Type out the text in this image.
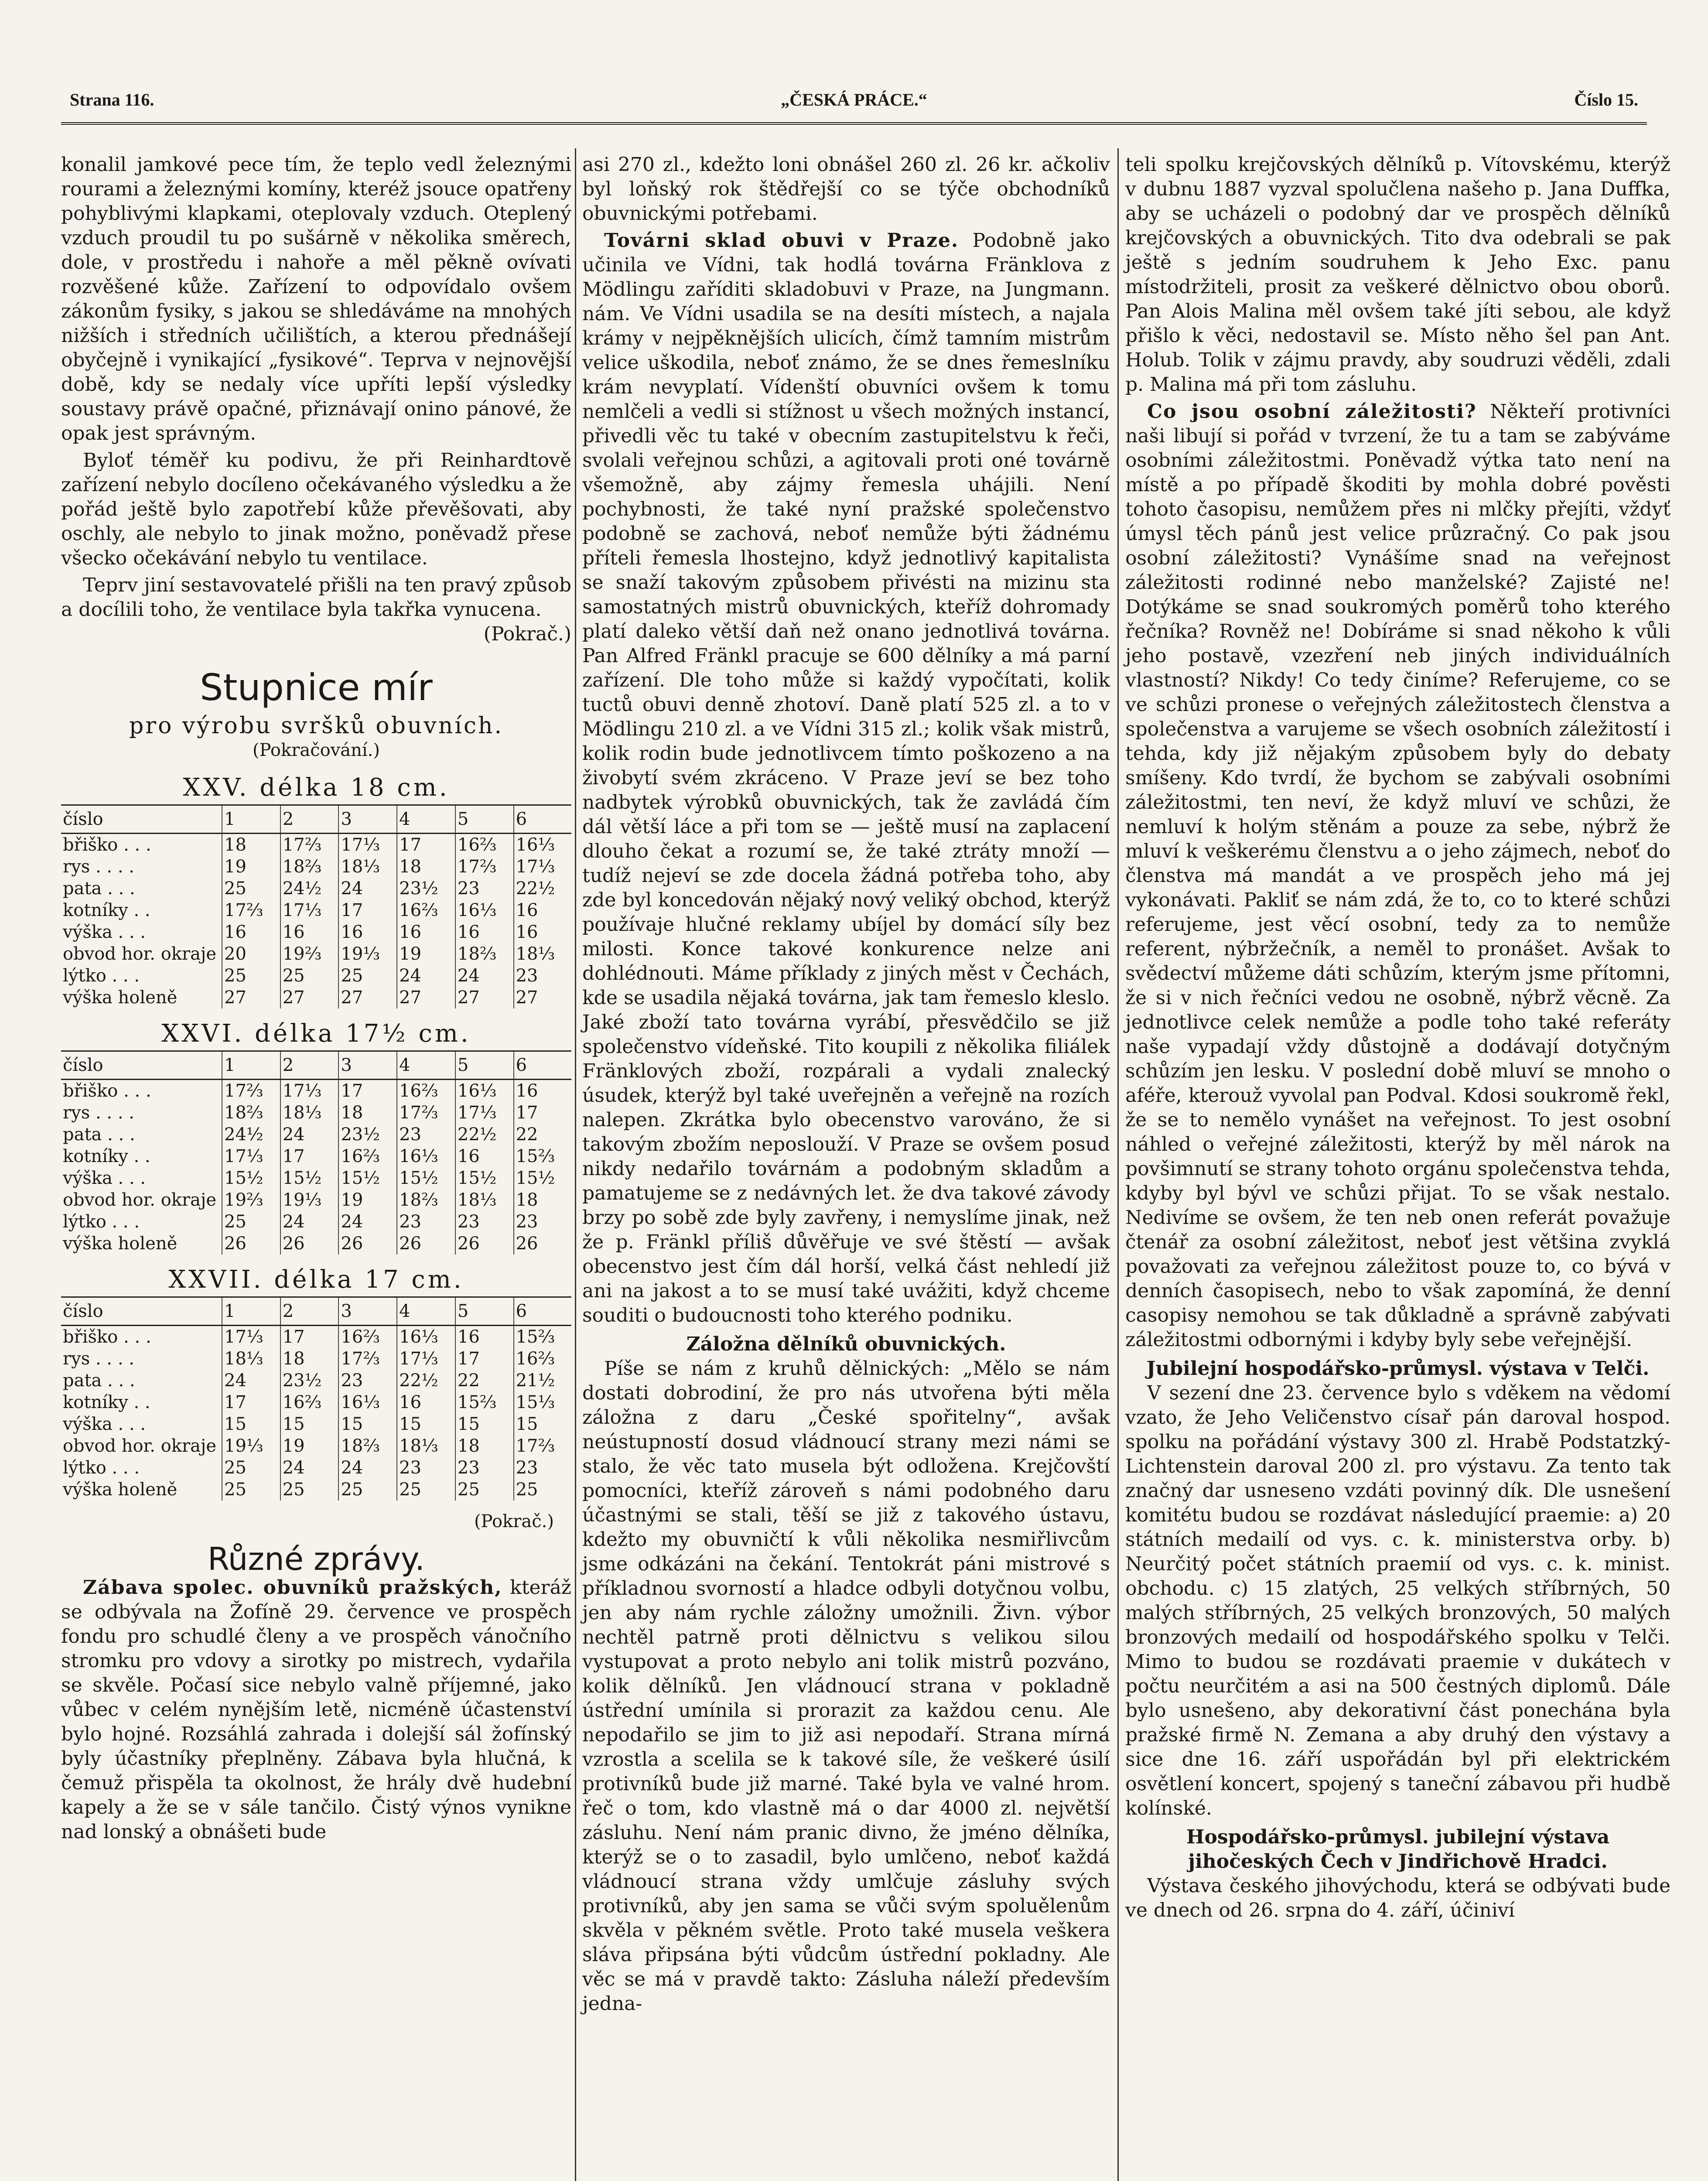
Strana 116.	„ČESKÁ PRÁCE.“	Číslo 15.

konalil jamkové pece tím, že teplo vedl železnými rourami a železnými komíny, kteréž jsouce opatřeny pohyblivými klapkami, oteplovaly vzduch. Oteplený vzduch proudil tu po sušárně v několika směrech, dole, v prostředu i nahoře a měl pěkně ovívati rozvěšené kůže. Zařízení to odpovídalo ovšem zákonům fysiky, s jakou se shledáváme na mnohých nižších i středních učilištích, a kterou přednášejí obyčejně i vynikající „fysikové“. Teprva v nejnovější době, kdy se nedaly více upříti lepší výsledky soustavy právě opačné, přiznávají onino pánové, že opak jest správným.

Byloť téměř ku podivu, že při Reinhardtově zařízení nebylo docíleno očekávaného výsledku a že pořád ještě bylo zapotřebí kůže převěšovati, aby oschly, ale nebylo to jinak možno, poněvadž přese všecko očekávání nebylo tu ventilace.

Teprv jiní sestavovatelé přišli na ten pravý způsob a docílili toho, že ventilace byla takřka vynucena.
(Pokrač.)

Stupnice mír
pro výrobu svršků obuvních.
(Pokračování.)
XXV. délka 18 cm.
číslo	1	2	3	4	5	6
břiško . . .	18	17⅔	17⅓	17	16⅔	16⅓
rys . . . .	19	18⅔	18⅓	18	17⅔	17⅓
pata . . .	25	24½	24	23½	23	22½
kotníky . .	17⅔	17⅓	17	16⅔	16⅓	16
výška . . .	16	16	16	16	16	16
obvod hor. okraje	20	19⅔	19⅓	19	18⅔	18⅓
lýtko . . .	25	25	25	24	24	23
výška holeně	27	27	27	27	27	27
XXVI. délka 17½ cm.
číslo	1	2	3	4	5	6
břiško . . .	17⅔	17⅓	17	16⅔	16⅓	16
rys . . . .	18⅔	18⅓	18	17⅔	17⅓	17
pata . . .	24½	24	23½	23	22½	22
kotníky . .	17⅓	17	16⅔	16⅓	16	15⅔
výška . . .	15½	15½	15½	15½	15½	15½
obvod hor. okraje	19⅔	19⅓	19	18⅔	18⅓	18
lýtko . . .	25	24	24	23	23	23
výška holeně	26	26	26	26	26	26
XXVII. délka 17 cm.
číslo	1	2	3	4	5	6
břiško . . .	17⅓	17	16⅔	16⅓	16	15⅔
rys . . . .	18⅓	18	17⅔	17⅓	17	16⅔
pata . . .	24	23½	23	22½	22	21½
kotníky . .	17	16⅔	16⅓	16	15⅔	15⅓
výška . . .	15	15	15	15	15	15
obvod hor. okraje	19⅓	19	18⅔	18⅓	18	17⅔
lýtko . . .	25	24	24	23	23	23
výška holeně	25	25	25	25	25	25
(Pokrač.)
Různé zprávy.

Zábava spolec. obuvníků pražských, kteráž se odbývala na Žofíně 29. července ve prospěch fondu pro schudlé členy a ve prospěch vánočního stromku pro vdovy a sirotky po mistrech, vydařila se skvěle. Počasí sice nebylo valně příjemné, jako vůbec v celém nynějším letě, nicméně účastenství bylo hojné. Rozsáhlá zahrada i dolejší sál žofínský byly účastníky přeplněny. Zábava byla hlučná, k čemuž přispěla ta okolnost, že hrály dvě hudební kapely a že se v sále tančilo. Čistý výnos vynikne nad lonský a obnášeti bude

asi 270 zl., kdežto loni obnášel 260 zl. 26 kr. ačkoliv byl loňský rok štědřejší co se týče obchodníků obuvnickými potřebami.

Továrni sklad obuvi v Praze. Podobně jako učinila ve Vídni, tak hodlá továrna Fränklova z Mödlingu zaříditi skladobuvi v Praze, na Jungmann. nám. Ve Vídni usadila se na desíti místech, a najala krámy v nejpěknějších ulicích, čímž tamním mistrům velice uškodila, neboť známo, že se dnes řemeslníku krám nevyplatí. Vídenští obuvníci ovšem k tomu nemlčeli a vedli si stížnost u všech možných instancí, přivedli věc tu také v obecním zastupitelstvu k řeči, svolali veřejnou schůzi, a agitovali proti oné továrně všemožně, aby zájmy řemesla uhájili. Není pochybnosti, že také nyní pražské společenstvo podobně se zachová, neboť nemůže býti žádnému příteli řemesla lhostejno, když jednotlivý kapitalista se snaží takovým způsobem přivésti na mizinu sta samostatných mistrů obuvnických, kteříž dohromady platí daleko větší daň než onano jednotlivá továrna. Pan Alfred Fränkl pracuje se 600 dělníky a má parní zařízení. Dle toho může si každý vypočítati, kolik tuctů obuvi denně zhotoví. Daně platí 525 zl. a to v Mödlingu 210 zl. a ve Vídni 315 zl.; kolik však mistrů, kolik rodin bude jednotlivcem tímto poškozeno a na živobytí svém zkráceno. V Praze jeví se bez toho nadbytek výrobků obuvnických, tak že zavládá čím dál větší láce a při tom se — ještě musí na zaplacení dlouho čekat a rozumí se, že také ztráty množí — tudíž nejeví se zde docela žádná potřeba toho, aby zde byl koncedován nějaký nový veliký obchod, kterýž používaje hlučné reklamy ubíjel by domácí síly bez milosti. Konce takové konkurence nelze ani dohlédnouti. Máme příklady z jiných měst v Čechách, kde se usadila nějaká továrna, jak tam řemeslo kleslo. Jaké zboží tato továrna vyrábí, přesvědčilo se již společenstvo vídeňské. Tito koupili z několika filiálek Fränklových zboží, rozpárali a vydali znalecký úsudek, kterýž byl také uveřejněn a veřejně na rozích nalepen. Zkrátka bylo obecenstvo varováno, že si takovým zbožím neposlouží. V Praze se ovšem posud nikdy nedařilo továrnám a podobným skladům a pamatujeme se z nedávných let. že dva takové závody brzy po sobě zde byly zavřeny, i nemyslíme jinak, než že p. Fränkl příliš důvěřuje ve své štěstí — avšak obecenstvo jest čím dál horší, velká část nehledí již ani na jakost a to se musí také uvážiti, když chceme souditi o budoucnosti toho kterého podniku.

Záložna dělníků obuvnických.

Píše se nám z kruhů dělnických: „Mělo se nám dostati dobrodiní, že pro nás utvořena býti měla záložna z daru „České spořitelny“, avšak neústupností dosud vládnoucí strany mezi námi se stalo, že věc tato musela být odložena. Krejčovští pomocníci, kteříž zároveň s námi podobného daru účastnými se stali, těší se již z takového ústavu, kdežto my obuvničtí k vůli několika nesmiřlivcům jsme odkázáni na čekání. Tentokrát páni mistrové s příkladnou svorností a hladce odbyli dotyčnou volbu, jen aby nám rychle záložny umožnili. Živn. výbor nechtěl patrně proti dělnictvu s velikou silou vystupovat a proto nebylo ani tolik mistrů pozváno, kolik dělníků. Jen vládnoucí strana v pokladně ústřední umínila si prorazit za každou cenu. Ale nepodařilo se jim to již asi nepodaří. Strana mírná vzrostla a scelila se k takové síle, že veškeré úsilí protivníků bude již marné. Také byla ve valné hrom. řeč o tom, kdo vlastně má o dar 4000 zl. největší zásluhu. Není nám pranic divno, že jméno dělníka, kterýž se o to zasadil, bylo umlčeno, neboť každá vládnoucí strana vždy umlčuje zásluhy svých protivníků, aby jen sama se vůči svým spoluělenům skvěla v pěkném světle. Proto také musela veškera sláva připsána býti vůdcům ústřední pokladny. Ale věc se má v pravdě takto: Zásluha náleží především jedna-

teli spolku krejčovských dělníků p. Vítovskému, kterýž v dubnu 1887 vyzval spolučlena našeho p. Jana Duffka, aby se ucházeli o podobný dar ve prospěch dělníků krejčovských a obuvnických. Tito dva odebrali se pak ještě s jedním soudruhem k Jeho Exc. panu místodržiteli, prosit za veškeré dělnictvo obou oborů. Pan Alois Malina měl ovšem také jíti sebou, ale když přišlo k věci, nedostavil se. Místo něho šel pan Ant. Holub. Tolik v zájmu pravdy, aby soudruzi věděli, zdali p. Malina má při tom zásluhu.

Co jsou osobní záležitosti? Někteří protivníci naši libují si pořád v tvrzení, že tu a tam se zabýváme osobními záležitostmi. Poněvadž výtka tato není na místě a po případě škoditi by mohla dobré pověsti tohoto časopisu, nemůžem přes ni mlčky přejíti, vždyť úmysl těch pánů jest velice průzračný. Co pak jsou osobní záležitosti? Vynášíme snad na veřejnost záležitosti rodinné nebo manželské? Zajisté ne! Dotýkáme se snad soukromých poměrů toho kterého řečníka? Rovněž ne! Dobíráme si snad někoho k vůli jeho postavě, vzezření neb jiných individuálních vlastností? Nikdy! Co tedy činíme? Referujeme, co se ve schůzi pronese o veřejných záležitostech členstva a společenstva a varujeme se všech osobních záležitostí i tehda, kdy již nějakým způsobem byly do debaty smíšeny. Kdo tvrdí, že bychom se zabývali osobními záležitostmi, ten neví, že když mluví ve schůzi, že nemluví k holým stěnám a pouze za sebe, nýbrž že mluví k veškerému členstvu a o jeho zájmech, neboť do členstva má mandát a ve prospěch jeho má jej vykonávati. Pakliť se nám zdá, že to, co to které schůzi referujeme, jest věcí osobní, tedy za to nemůže referent, nýbržečník, a neměl to pronášet. Avšak to svědectví můžeme dáti schůzím, kterým jsme přítomni, že si v nich řečníci vedou ne osobně, nýbrž věcně. Za jednotlivce celek nemůže a podle toho také referáty naše vypadají vždy důstojně a dodávají dotyčným schůzím jen lesku. V poslední době mluví se mnoho o aféře, kterouž vyvolal pan Podval. Kdosi soukromě řekl, že se to nemělo vynášet na veřejnost. To jest osobní náhled o veřejné záležitosti, kterýž by měl nárok na povšimnutí se strany tohoto orgánu společenstva tehda, kdyby byl bývl ve schůzi přijat. To se však nestalo. Nedivíme se ovšem, že ten neb onen referát považuje čtenář za osobní záležitost, neboť jest většina zvyklá považovati za veřejnou záležitost pouze to, co bývá v denních časopisech, nebo to však zapomíná, že denní casopisy nemohou se tak důkladně a správně zabývati záležitostmi odbornými i kdyby byly sebe veřejnější.

Jubilejní hospodářsko-průmysl. výstava v Telči.

V sezení dne 23. července bylo s vděkem na vědomí vzato, že Jeho Veličenstvo císař pán daroval hospod. spolku na pořádání výstavy 300 zl. Hrabě Podstatzký-Lichtenstein daroval 200 zl. pro výstavu. Za tento tak značný dar usneseno vzdáti povinný dík. Dle usnešení komitétu budou se rozdávat následující praemie: a) 20 státních medailí od vys. c. k. ministerstva orby. b) Neurčitý počet státních praemií od vys. c. k. minist. obchodu. c) 15 zlatých, 25 velkých stříbrných, 50 malých stříbrných, 25 velkých bronzových, 50 malých bronzových medailí od hospodářského spolku v Telči. Mimo to budou se rozdávati praemie v dukátech v počtu neurčitém a asi na 500 čestných diplomů. Dále bylo usnešeno, aby dekorativní část ponechána byla pražské firmě N. Zemana a aby druhý den výstavy a sice dne 16. září uspořádán byl při elektrickém osvětlení koncert, spojený s taneční zábavou při hudbě kolínské.

Hospodářsko-průmysl. jubilejní výstava jihočeských Čech v Jindřichově Hradci.

Výstava českého jihovýchodu, která se odbývati bude ve dnech od 26. srpna do 4. září, účiniví
